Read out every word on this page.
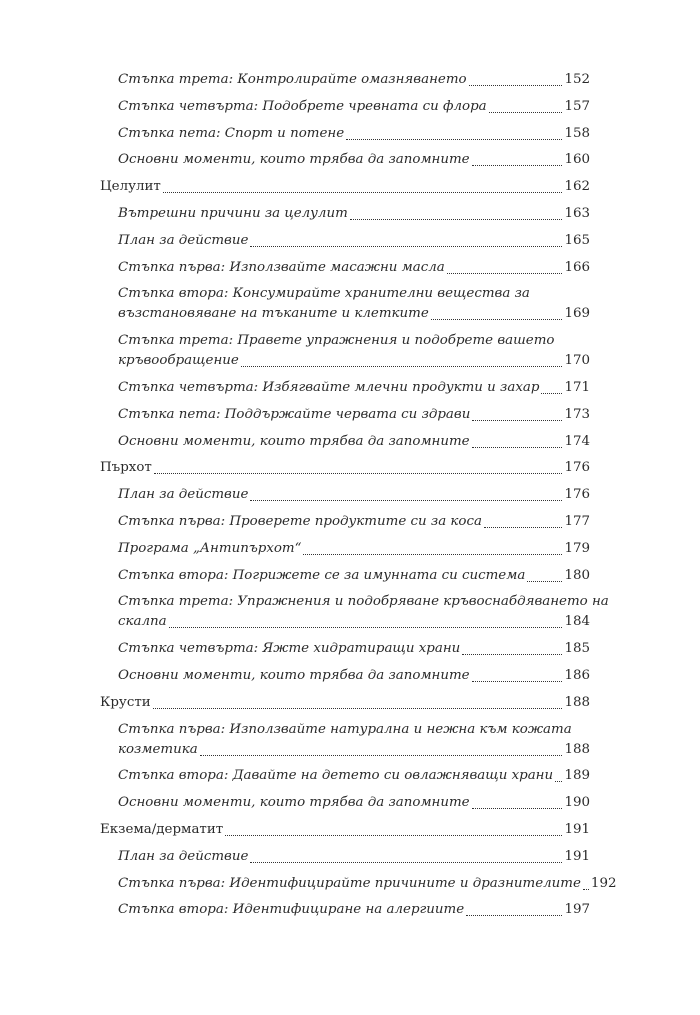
Стъпка трета: Контролирайте омазняването	152
Стъпка четвърта: Подобрете чревната си флора	157
Стъпка пета: Спорт и потене	158
Основни моменти, които трябва да запомните	160
Целулит	162
Вътрешни причини за целулит	163
План за действие	165
Стъпка първа: Използвайте масажни масла	166
Стъпка втора: Консумирайте хранителни вещества за
възстановяване на тъканите и клетките	169
Стъпка трета: Правете упражнения и подобрете вашето
кръвообращение	170
Стъпка четвърта: Избягвайте млечни продукти и захар 171
Стъпка пета: Поддържайте червата си здрави	173
Основни моменти, които трябва да запомните	174
Пърхот	176
План за действие	176
Стъпка първа: Проверете продуктите си за коса	177
Програма „Антипърхот“	179
Стъпка втора: Погрижете се за имунната си система	180
Стъпка трета: Упражнения и подобряване кръвоснабдяването на
скалпа	184
Стъпка четвърта: Яжте хидратиращи храни	185
Основни моменти, които трябва да запомните	186
Крусти	188
Стъпка първа: Използвайте натурална и нежна към кожата
козметика	188
Стъпка втора: Давайте на детето си овлажняващи храни 189
Основни моменти, които трябва да запомните	190
Екзема/дерматит	191
План за действие	191
Стъпка първа: Идентифицирайте причините и дразнителите 192
Стъпка втора: Идентифициране на алергиите	197
